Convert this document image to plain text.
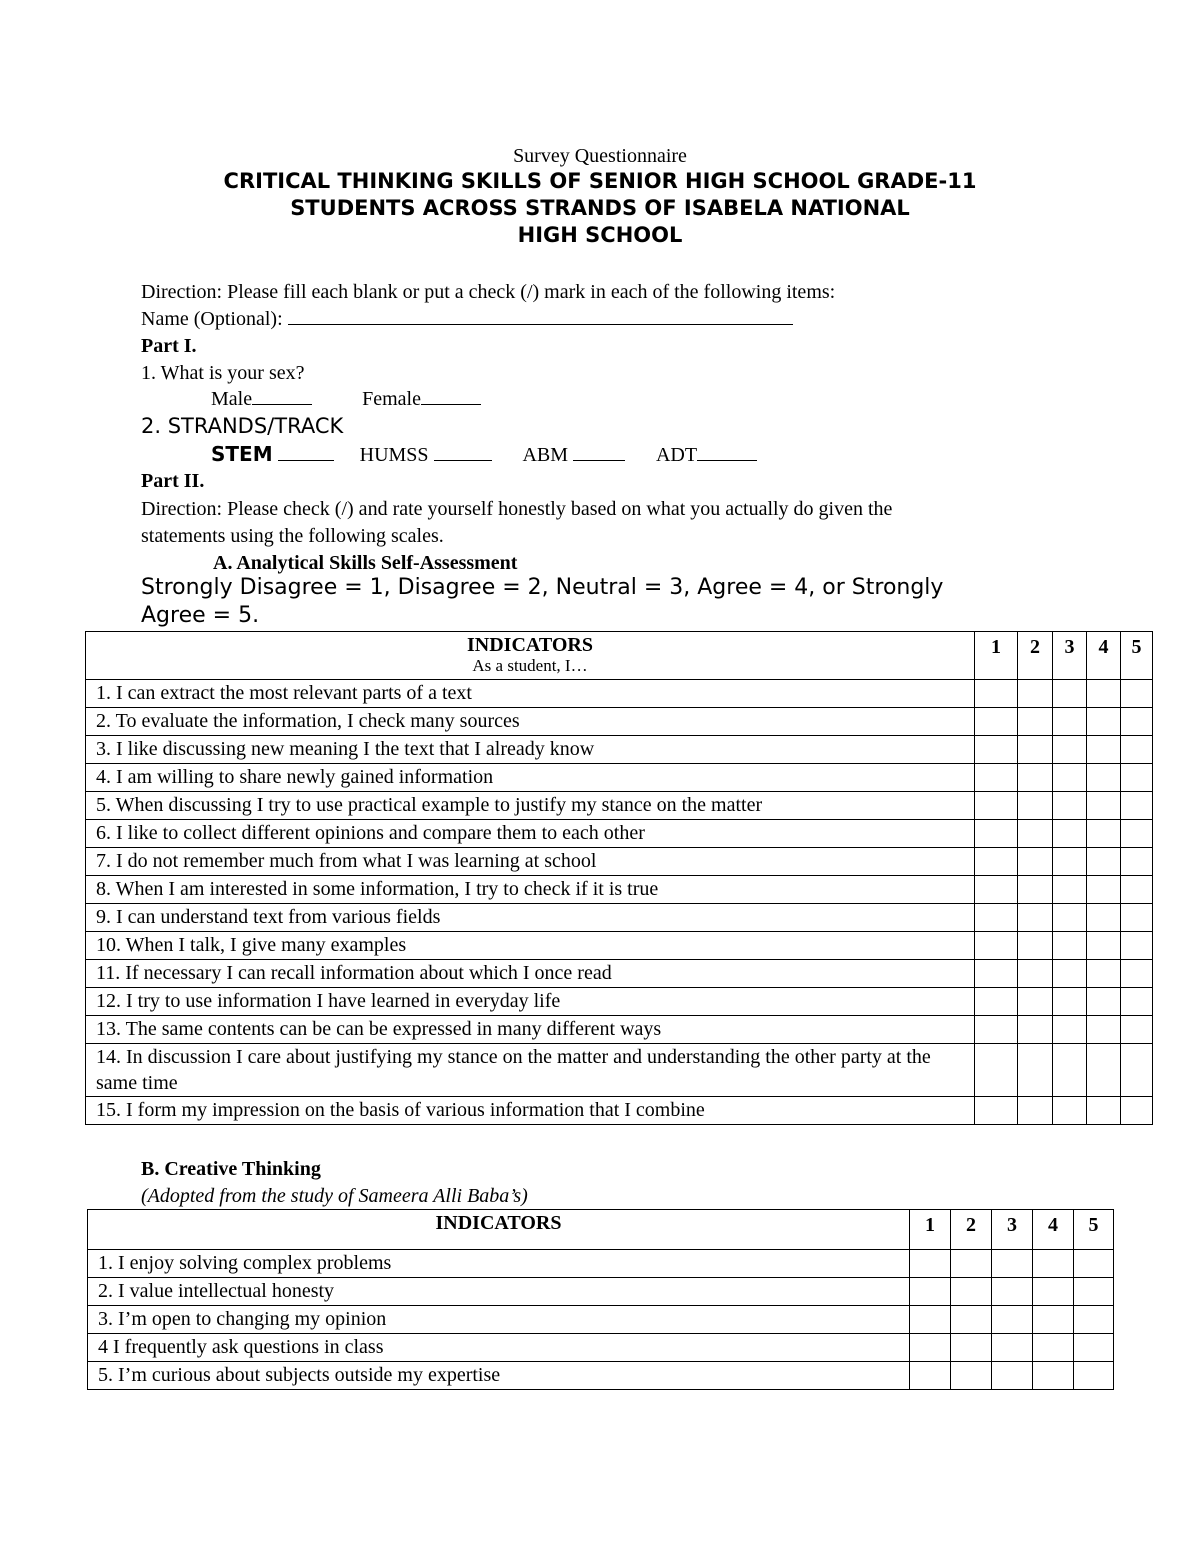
Survey Questionnaire
CRITICAL THINKING SKILLS OF SENIOR HIGH SCHOOL GRADE-11
STUDENTS ACROSS STRANDS OF ISABELA NATIONAL
HIGH SCHOOL
Direction: Please fill each blank or put a check (/) mark in each of the following items:
Name (Optional):
Part I.
1. What is your sex?
Male	Female
2. STRANDS/TRACK
STEM	HUMSS	ABM	ADT
Part II.
Direction: Please check (/) and rate yourself honestly based on what you actually do given the
statements using the following scales.
A. Analytical Skills Self-Assessment
Strongly Disagree = 1, Disagree = 2, Neutral = 3, Agree = 4, or Strongly
Agree = 5.
INDICATORS
As a student, I…	1	2	3	4	5
1. I can extract the most relevant parts of a text					
2. To evaluate the information, I check many sources					
3. I like discussing new meaning I the text that I already know					
4. I am willing to share newly gained information					
5. When discussing I try to use practical example to justify my stance on the matter					
6. I like to collect different opinions and compare them to each other					
7. I do not remember much from what I was learning at school					
8. When I am interested in some information, I try to check if it is true					
9. I can understand text from various fields					
10. When I talk, I give many examples					
11. If necessary I can recall information about which I once read					
12. I try to use information I have learned in everyday life					
13. The same contents can be can be expressed in many different ways					
14. In discussion I care about justifying my stance on the matter and understanding the other party at the same time					
15. I form my impression on the basis of various information that I combine					
B. Creative Thinking
(Adopted from the study of Sameera Alli Baba’s)
INDICATORS	1	2	3	4	5
1. I enjoy solving complex problems					
2. I value intellectual honesty					
3. I’m open to changing my opinion					
4 I frequently ask questions in class					
5. I’m curious about subjects outside my expertise					
